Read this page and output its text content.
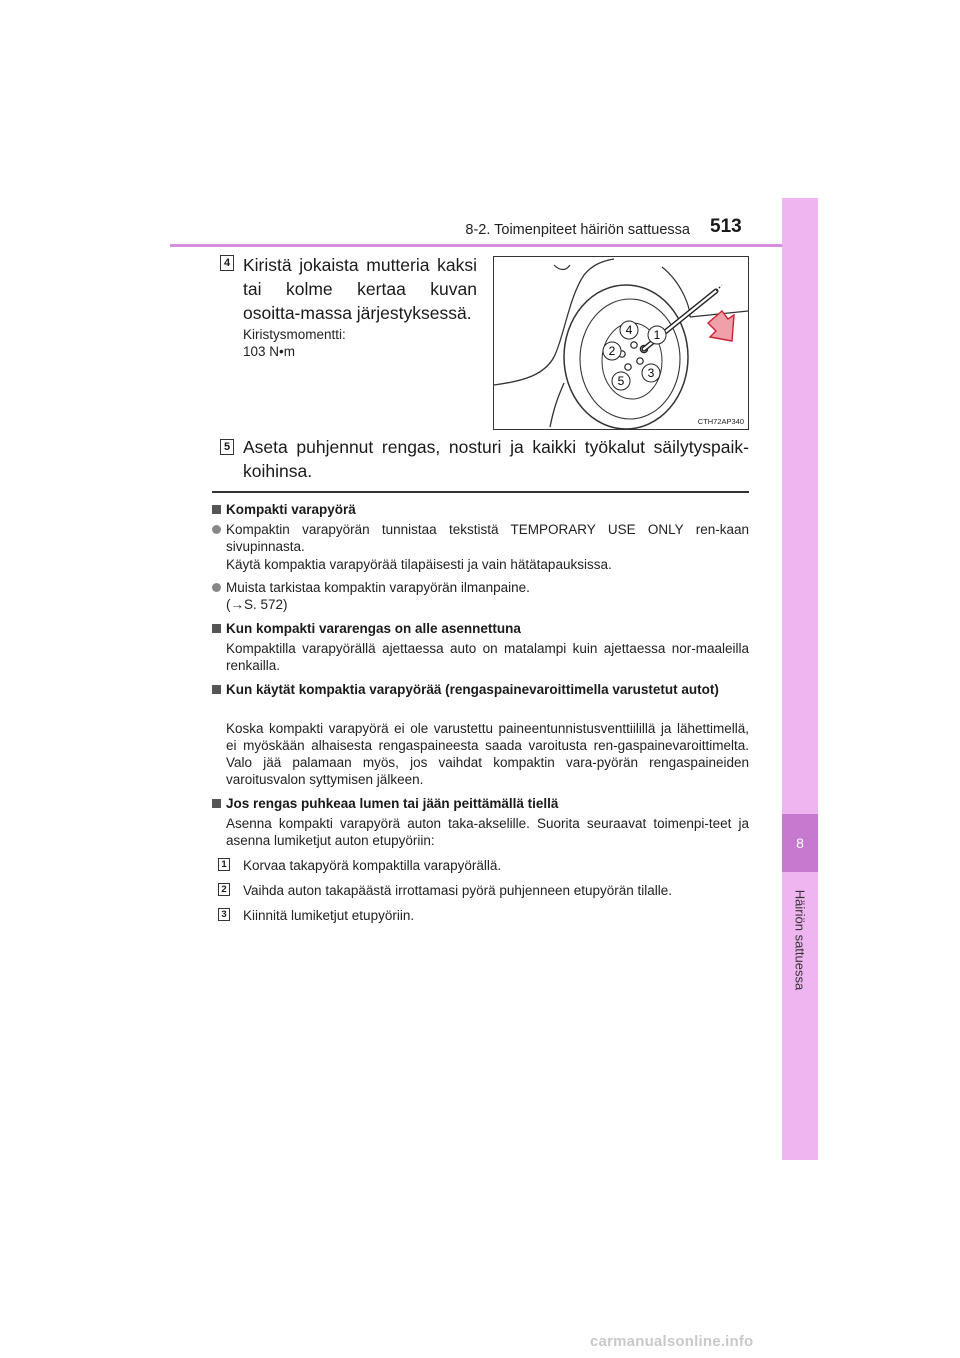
8-2. Toimenpiteet häiriön sattuessa 513
8
Häiriön sattuessa
4 Kiristä jokaista mutteria kaksi tai kolme kertaa kuvan osoitta-massa järjestyksessä.
Kiristysmomentti:
103 N•m
1
2
3
4
5
CTH72AP340
5 Aseta puhjennut rengas, nosturi ja kaikki työkalut säilytyspaik-koihinsa.
Kompakti varapyörä
Kompaktin varapyörän tunnistaa tekstistä TEMPORARY USE ONLY ren-kaan sivupinnasta.
Käytä kompaktia varapyörää tilapäisesti ja vain hätätapauksissa.
Muista tarkistaa kompaktin varapyörän ilmanpaine.
(→S. 572)
Kun kompakti vararengas on alle asennettuna
Kompaktilla varapyörällä ajettaessa auto on matalampi kuin ajettaessa nor-maaleilla renkailla.
Kun käytät kompaktia varapyörää (rengaspainevaroittimella varustetut autot)
Koska kompakti varapyörä ei ole varustettu paineentunnistusventtiilillä ja lähettimellä, ei myöskään alhaisesta rengaspaineesta saada varoitusta ren-gaspainevaroittimelta. Valo jää palamaan myös, jos vaihdat kompaktin vara-pyörän rengaspaineiden varoitusvalon syttymisen jälkeen.
Jos rengas puhkeaa lumen tai jään peittämällä tiellä
Asenna kompakti varapyörä auton taka-akselille. Suorita seuraavat toimenpi-teet ja asenna lumiketjut auton etupyöriin:
1 Korvaa takapyörä kompaktilla varapyörällä.
2 Vaihda auton takapäästä irrottamasi pyörä puhjenneen etupyörän tilalle.
3 Kiinnitä lumiketjut etupyöriin.
carmanualsonline.info
